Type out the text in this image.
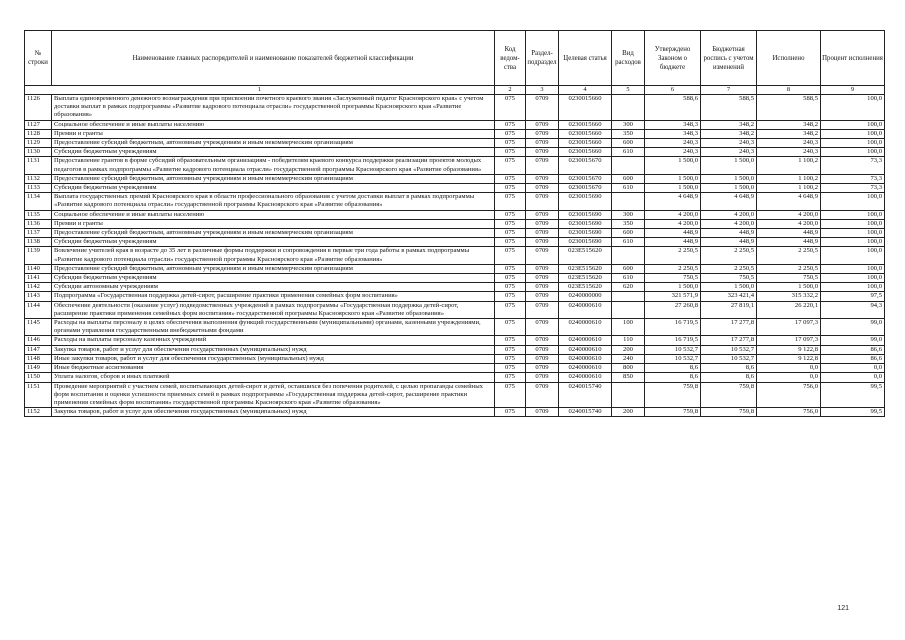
№ строки	Наименование главных распорядителей и наименование показателей бюджетной классификации	Код ведом-ства	Раздел-подраздел	Целевая статья	Вид расходов	Утверждено Законом о бюджете	Бюджетная роспись с учетом изменений	Исполнено	Процент исполнения
1		2	3	4	5	6	7	8	9
1126	Выплата единовременного денежного вознаграждения при присвоении почетного краевого звания «Заслуженный педагог Красноярского края» с учетом доставки выплат в рамках подпрограммы «Развитие кадрового потенциала отрасли» государственной программы Красноярского края «Развитие образования»	075	0709	0230015660		588,6	588,5	588,5	100,0
1127	Социальное обеспечение и иные выплаты населению	075	0709	0230015660	300	348,3	348,2	348,2	100,0
1128	Премии и гранты	075	0709	0230015660	350	348,3	348,2	348,2	100,0
1129	Предоставление субсидий бюджетным, автономным учреждениям и иным некоммерческим организациям	075	0709	0230015660	600	240,3	240,3	240,3	100,0
1130	Субсидии бюджетным учреждениям	075	0709	0230015660	610	240,3	240,3	240,3	100,0
1131	Предоставление грантов в форме субсидий образовательным организациям - победителям краевого конкурса поддержки реализации проектов молодых педагогов в рамках подпрограммы «Развитие кадрового потенциала отрасли» государственной программы Красноярского края «Развитие образования»	075	0709	0230015670		1 500,0	1 500,0	1 100,2	73,3
1132	Предоставление субсидий бюджетным, автономным учреждениям и иным некоммерческим организациям	075	0709	0230015670	600	1 500,0	1 500,0	1 100,2	73,3
1133	Субсидии бюджетным учреждениям	075	0709	0230015670	610	1 500,0	1 500,0	1 100,2	73,3
1134	Выплата государственных премий Красноярского края в области профессионального образования с учетом доставки выплат в рамках подпрограммы «Развитие кадрового потенциала отрасли» государственной программы Красноярского края «Развитие образования»	075	0709	0230015690		4 648,9	4 648,9	4 648,9	100,0
1135	Социальное обеспечение и иные выплаты населению	075	0709	0230015690	300	4 200,0	4 200,0	4 200,0	100,0
1136	Премии и гранты	075	0709	0230015690	350	4 200,0	4 200,0	4 200,0	100,0
1137	Предоставление субсидий бюджетным, автономным учреждениям и иным некоммерческим организациям	075	0709	0230015690	600	448,9	448,9	448,9	100,0
1138	Субсидии бюджетным учреждениям	075	0709	0230015690	610	448,9	448,9	448,9	100,0
1139	Вовлечение учителей края в возрасте до 35 лет в различные формы поддержки и сопровождения в первые три года работы в рамках подпрограммы «Развитие кадрового потенциала отрасли» государственной программы Красноярского края «Развитие образования»	075	0709	023Е515620		2 250,5	2 250,5	2 250,5	100,0
1140	Предоставление субсидий бюджетным, автономным учреждениям и иным некоммерческим организациям	075	0709	023Е515620	600	2 250,5	2 250,5	2 250,5	100,0
1141	Субсидии бюджетным учреждениям	075	0709	023Е515620	610	750,5	750,5	750,5	100,0
1142	Субсидии автономным учреждениям	075	0709	023Е515620	620	1 500,0	1 500,0	1 500,0	100,0
1143	Подпрограмма «Государственная поддержка детей-сирот, расширение практики применения семейных форм воспитания»	075	0709	0240000000		321 571,9	323 421,4	315 332,2	97,5
1144	Обеспечение деятельности (оказание услуг) подведомственных учреждений в рамках подпрограммы «Государственная поддержка детей-сирот, расширение практики применения семейных форм воспитания» государственной программы Красноярского края «Развитие образования»	075	0709	0240000610		27 260,8	27 819,1	26 220,1	94,3
1145	Расходы на выплаты персоналу в целях обеспечения выполнения функций государственными (муниципальными) органами, казенными учреждениями, органами управления государственными внебюджетными фондами	075	0709	0240000610	100	16 719,5	17 277,8	17 097,3	99,0
1146	Расходы на выплаты персоналу казенных учреждений	075	0709	0240000610	110	16 719,5	17 277,8	17 097,3	99,0
1147	Закупка товаров, работ и услуг для обеспечения государственных (муниципальных) нужд	075	0709	0240000610	200	10 532,7	10 532,7	9 122,8	86,6
1148	Иные закупки товаров, работ и услуг для обеспечения государственных (муниципальных) нужд	075	0709	0240000610	240	10 532,7	10 532,7	9 122,8	86,6
1149	Иные бюджетные ассигнования	075	0709	0240000610	800	8,6	8,6	0,0	0,0
1150	Уплата налогов, сборов и иных платежей	075	0709	0240000610	850	8,6	8,6	0,0	0,0
1151	Проведение мероприятий с участием семей, воспитывающих детей-сирот и детей, оставшихся без попечения родителей, с целью пропаганды семейных форм воспитания и оценки успешности приемных семей в рамках подпрограммы «Государственная поддержка детей-сирот, расширение практики применения семейных форм воспитания» государственной программы Красноярского края «Развитие образования»	075	0709	0240015740		759,8	759,8	756,0	99,5
1152	Закупка товаров, работ и услуг для обеспечения государственных (муниципальных) нужд	075	0709	0240015740	200	759,8	759,8	756,0	99,5
121
